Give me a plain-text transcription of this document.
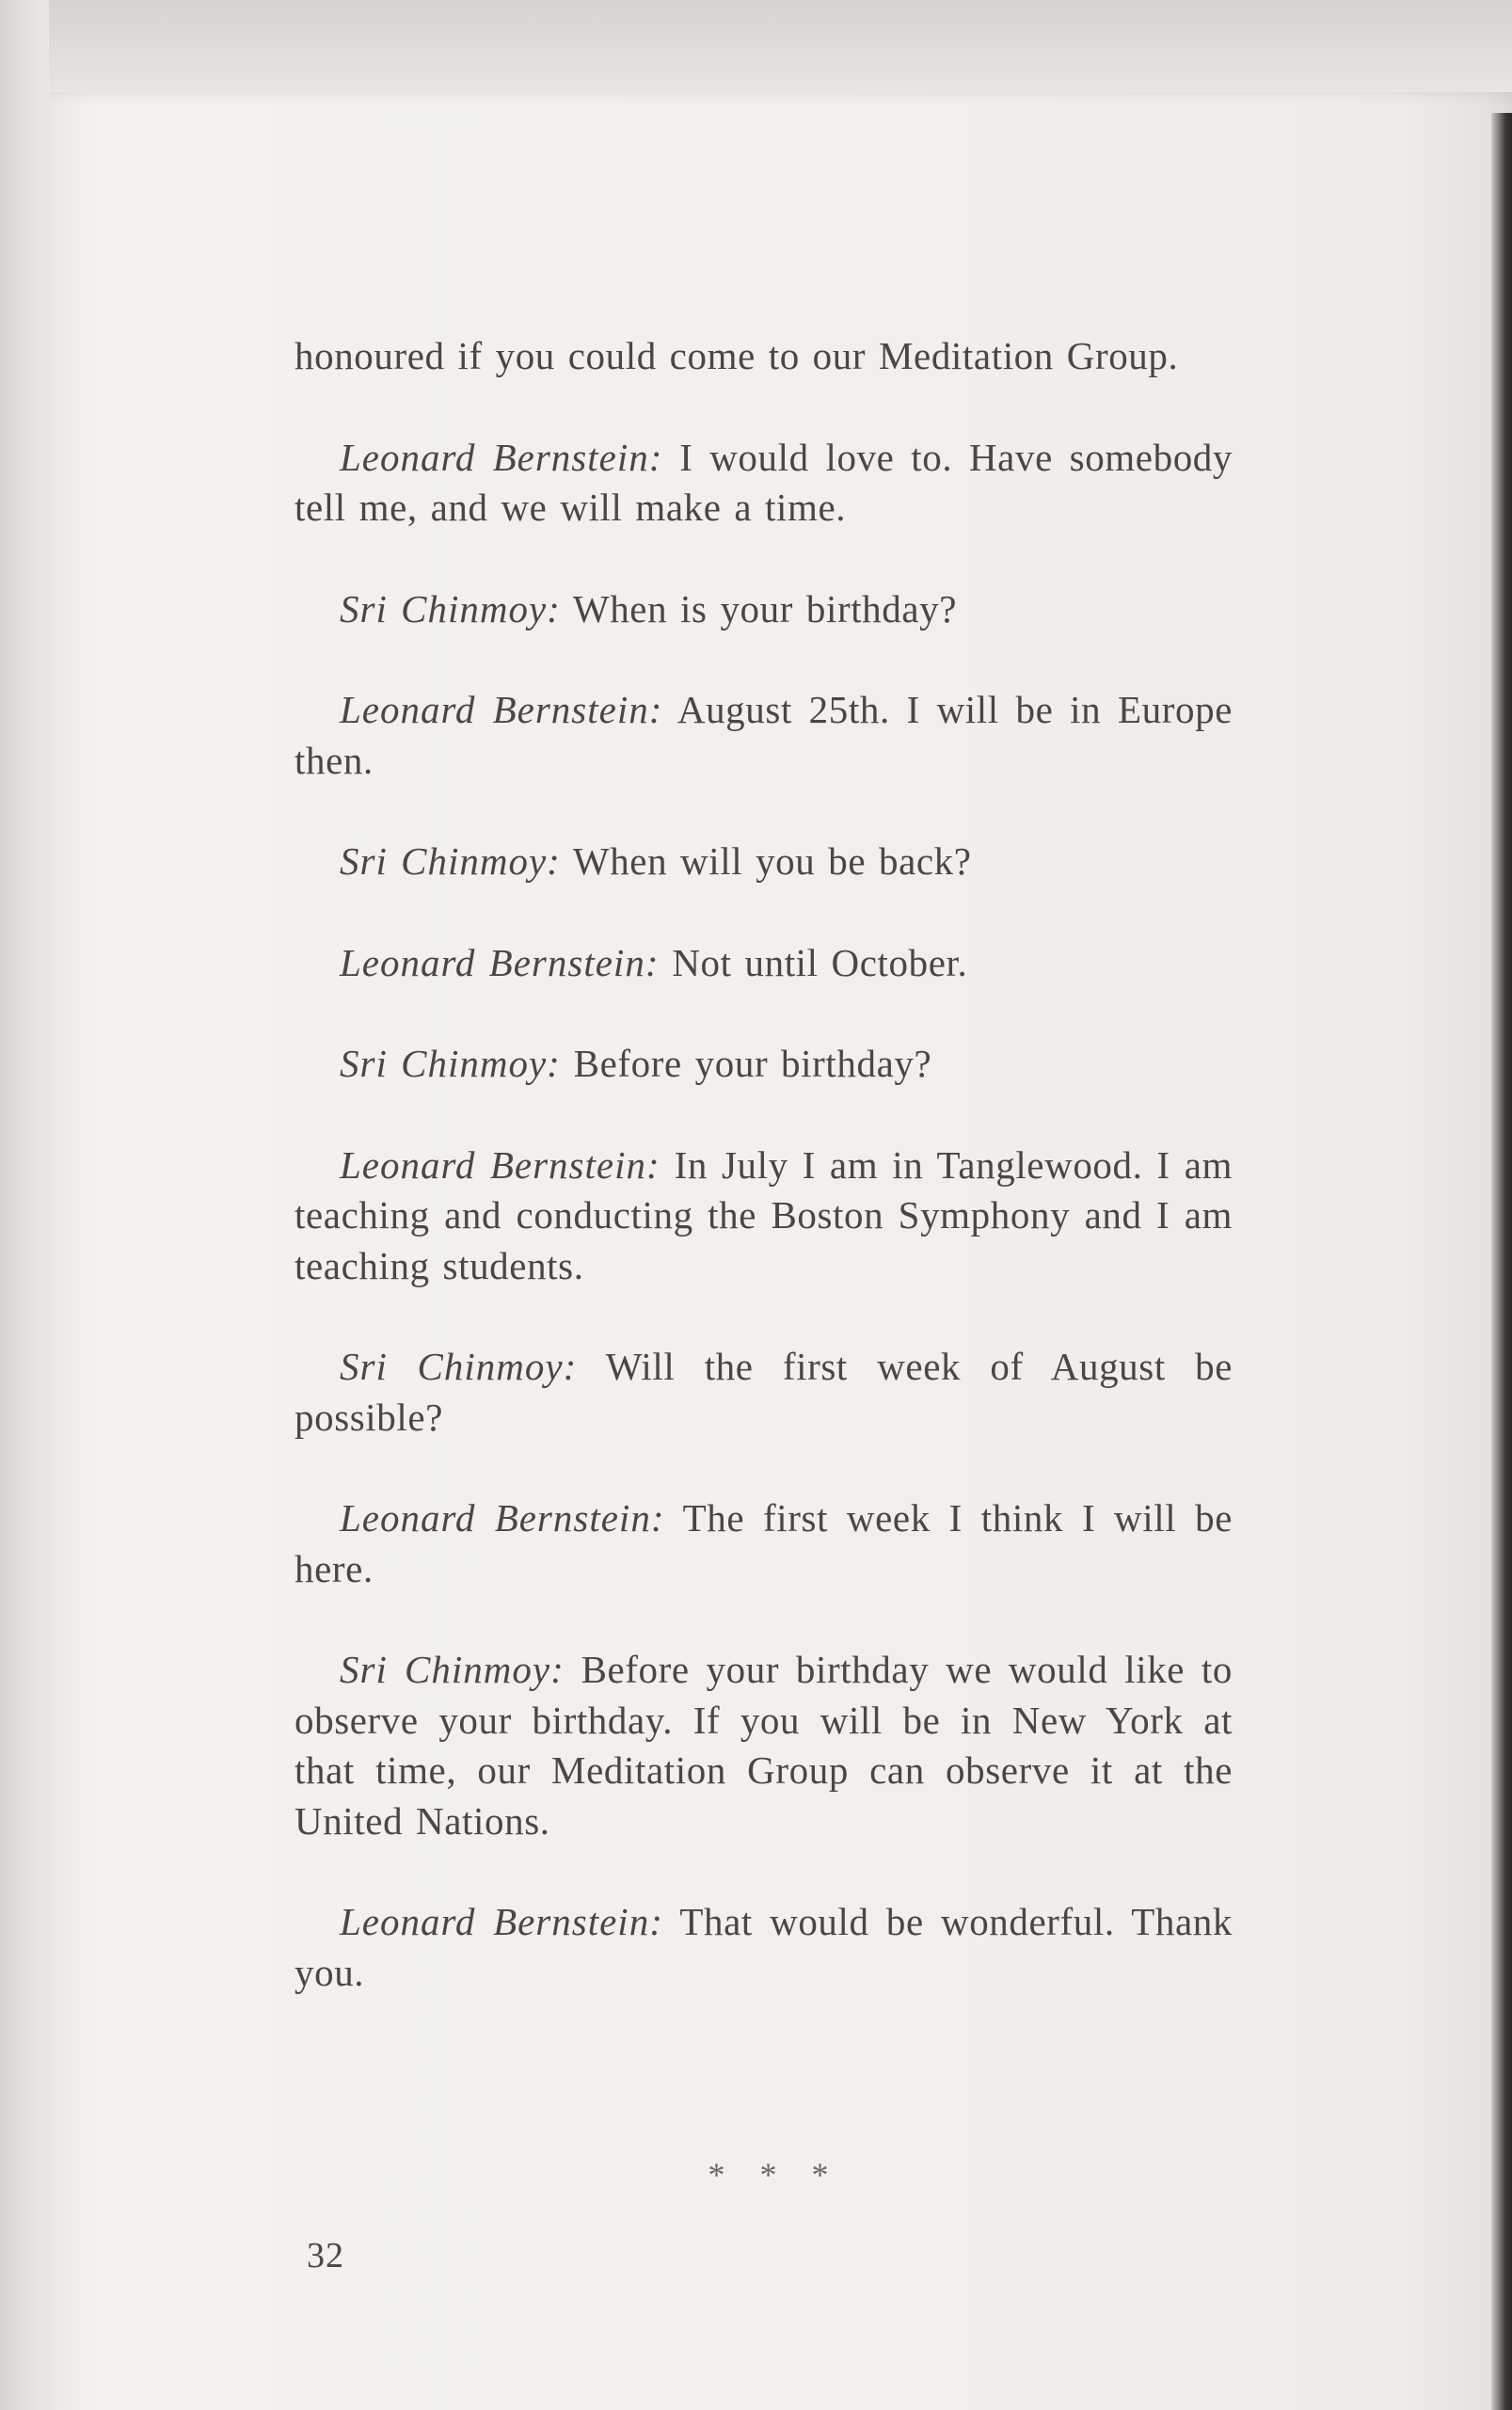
honoured if you could come to our Meditation Group.

Leonard Bernstein: I would love to. Have somebody tell me, and we will make a time.

Sri Chinmoy: When is your birthday?

Leonard Bernstein: August 25th. I will be in Europe then.

Sri Chinmoy: When will you be back?

Leonard Bernstein: Not until October.

Sri Chinmoy: Before your birthday?

Leonard Bernstein: In July I am in Tanglewood. I am teaching and conducting the Boston Symphony and I am teaching students.

Sri Chinmoy: Will the first week of August be possible?

Leonard Bernstein: The first week I think I will be here.

Sri Chinmoy: Before your birthday we would like to observe your birthday. If you will be in New York at that time, our Meditation Group can observe it at the United Nations.

Leonard Bernstein: That would be wonderful. Thank you.

* * *
32
